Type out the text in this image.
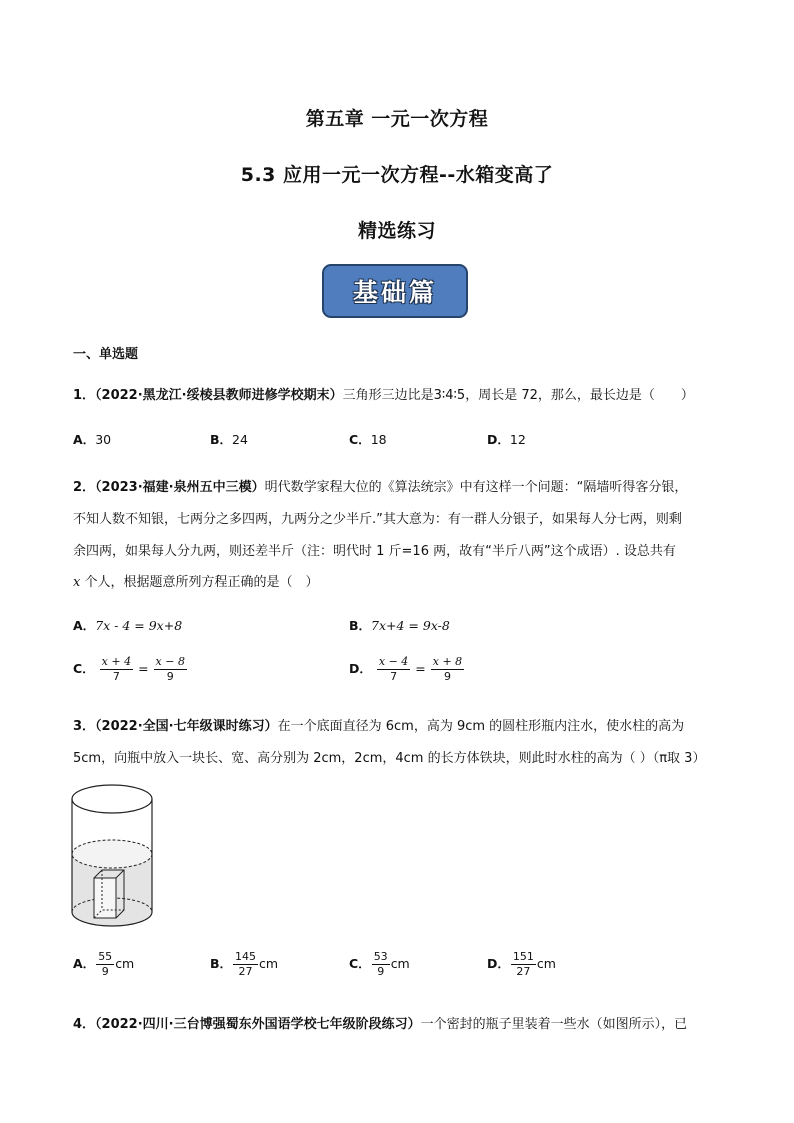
第五章 一元一次方程
5.3 应用一元一次方程--水箱变高了
精选练习
基础篇
一、单选题
1．（2022·黑龙江·绥棱县教师进修学校期末）三角形三边比是3∶4∶5，周长是 72，那么，最长边是（　　）
A．30	B．24	C．18	D．12
2．（2023·福建·泉州五中三模）明代数学家程大位的《算法统宗》中有这样一个问题：“隔墙听得客分银，
不知人数不知银，七两分之多四两，九两分之少半斤.”其大意为：有一群人分银子，如果每人分七两，则剩
余四两，如果每人分九两，则还差半斤（注：明代时 1 斤=16 两，故有“半斤八两”这个成语）. 设总共有
x 个人，根据题意所列方程正确的是（　）
A．7x - 4 = 9x+8	B．7x+4 = 9x-8
C． $\frac{x + 4}{7} = \frac{x - 8}{9}$	D． $\frac{x - 4}{7} = \frac{x + 8}{9}$
3．（2022·全国·七年级课时练习）在一个底面直径为 6cm，高为 9cm 的圆柱形瓶内注水，使水柱的高为
5cm，向瓶中放入一块长、宽、高分别为 2cm，2cm，4cm 的长方体铁块，则此时水柱的高为（ ）（π取 3）
A． $\frac{55}{9}$ cm	B． $\frac{145}{27}$ cm	C． $\frac{53}{9}$ cm	D． $\frac{151}{27}$ cm
4．（2022·四川·三台博强蜀东外国语学校七年级阶段练习）一个密封的瓶子里装着一些水（如图所示），已
